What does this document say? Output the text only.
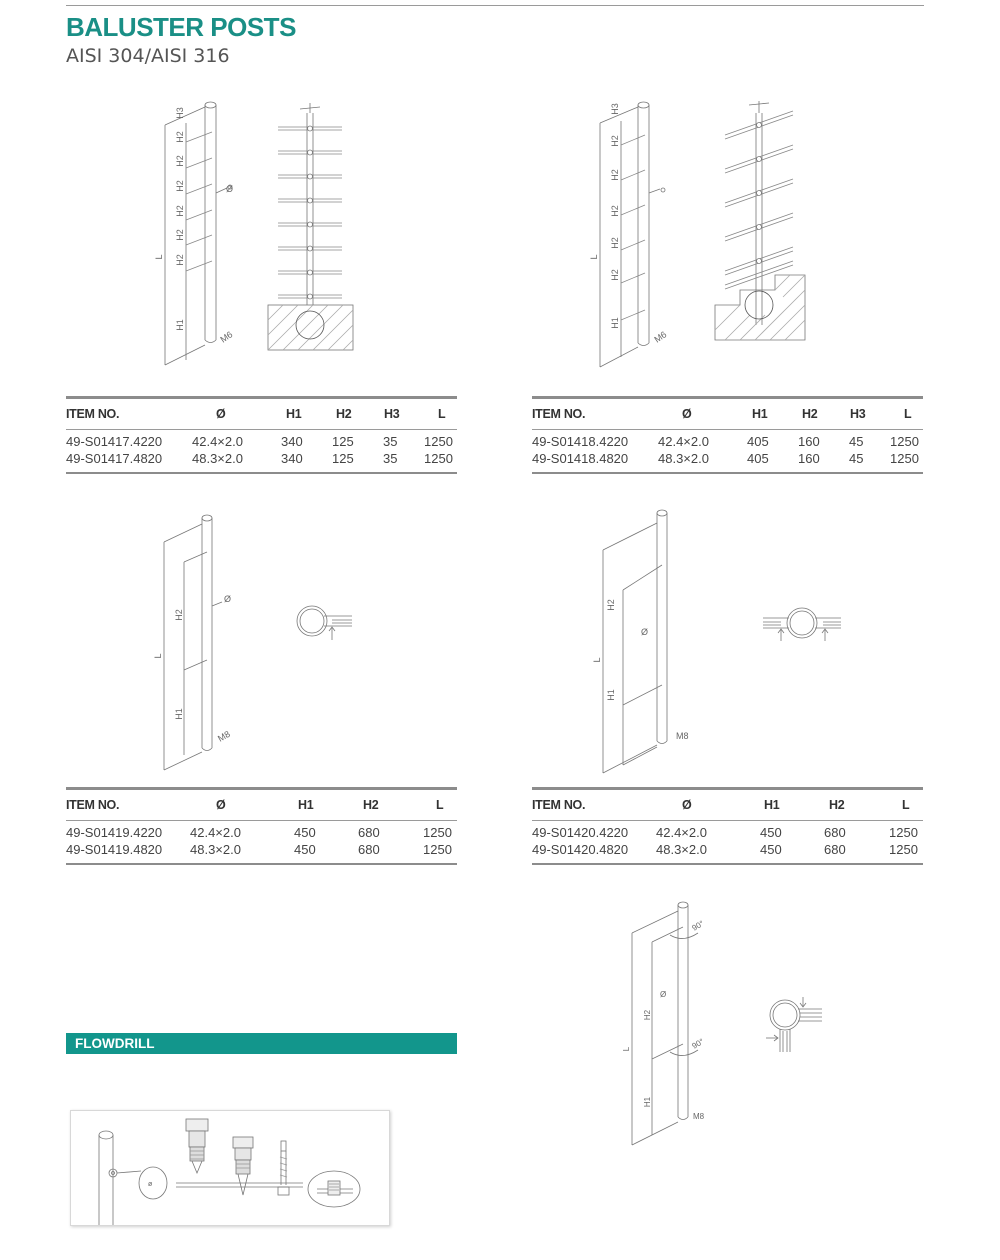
BALUSTER POSTS
AISI 304/AISI 316
H3
H2
H2
H2
H2
H2
H2
H1
L
Ø
M6
H3
H2
H2
H2
H2
H2
H1
L
M6
ITEM NO.	Ø	H1	H2	H3	L
49-S01417.4220 42.4×2.0	340 125 35 1250
49-S01417.4820 48.3×2.0	340 125 35 1250
ITEM NO.	Ø	H1	H2	H3	L
49-S01418.4220 42.4×2.0	405 160 45 1250
49-S01418.4820 48.3×2.0	405 160 45 1250
H2
H1
L
Ø
M8
H2
H1
L
Ø
M8
ITEM NO.	Ø	H1	H2	L
49-S01419.4220 42.4×2.0	450	680	1250
49-S01419.4820 48.3×2.0	450	680	1250
ITEM NO.	Ø	H1	H2	L
49-S01420.4220 42.4×2.0	450	680	1250
49-S01420.4820 48.3×2.0	450	680	1250
90°
90°
H2
H1
L
Ø
M8
FLOWDRILL
ø
